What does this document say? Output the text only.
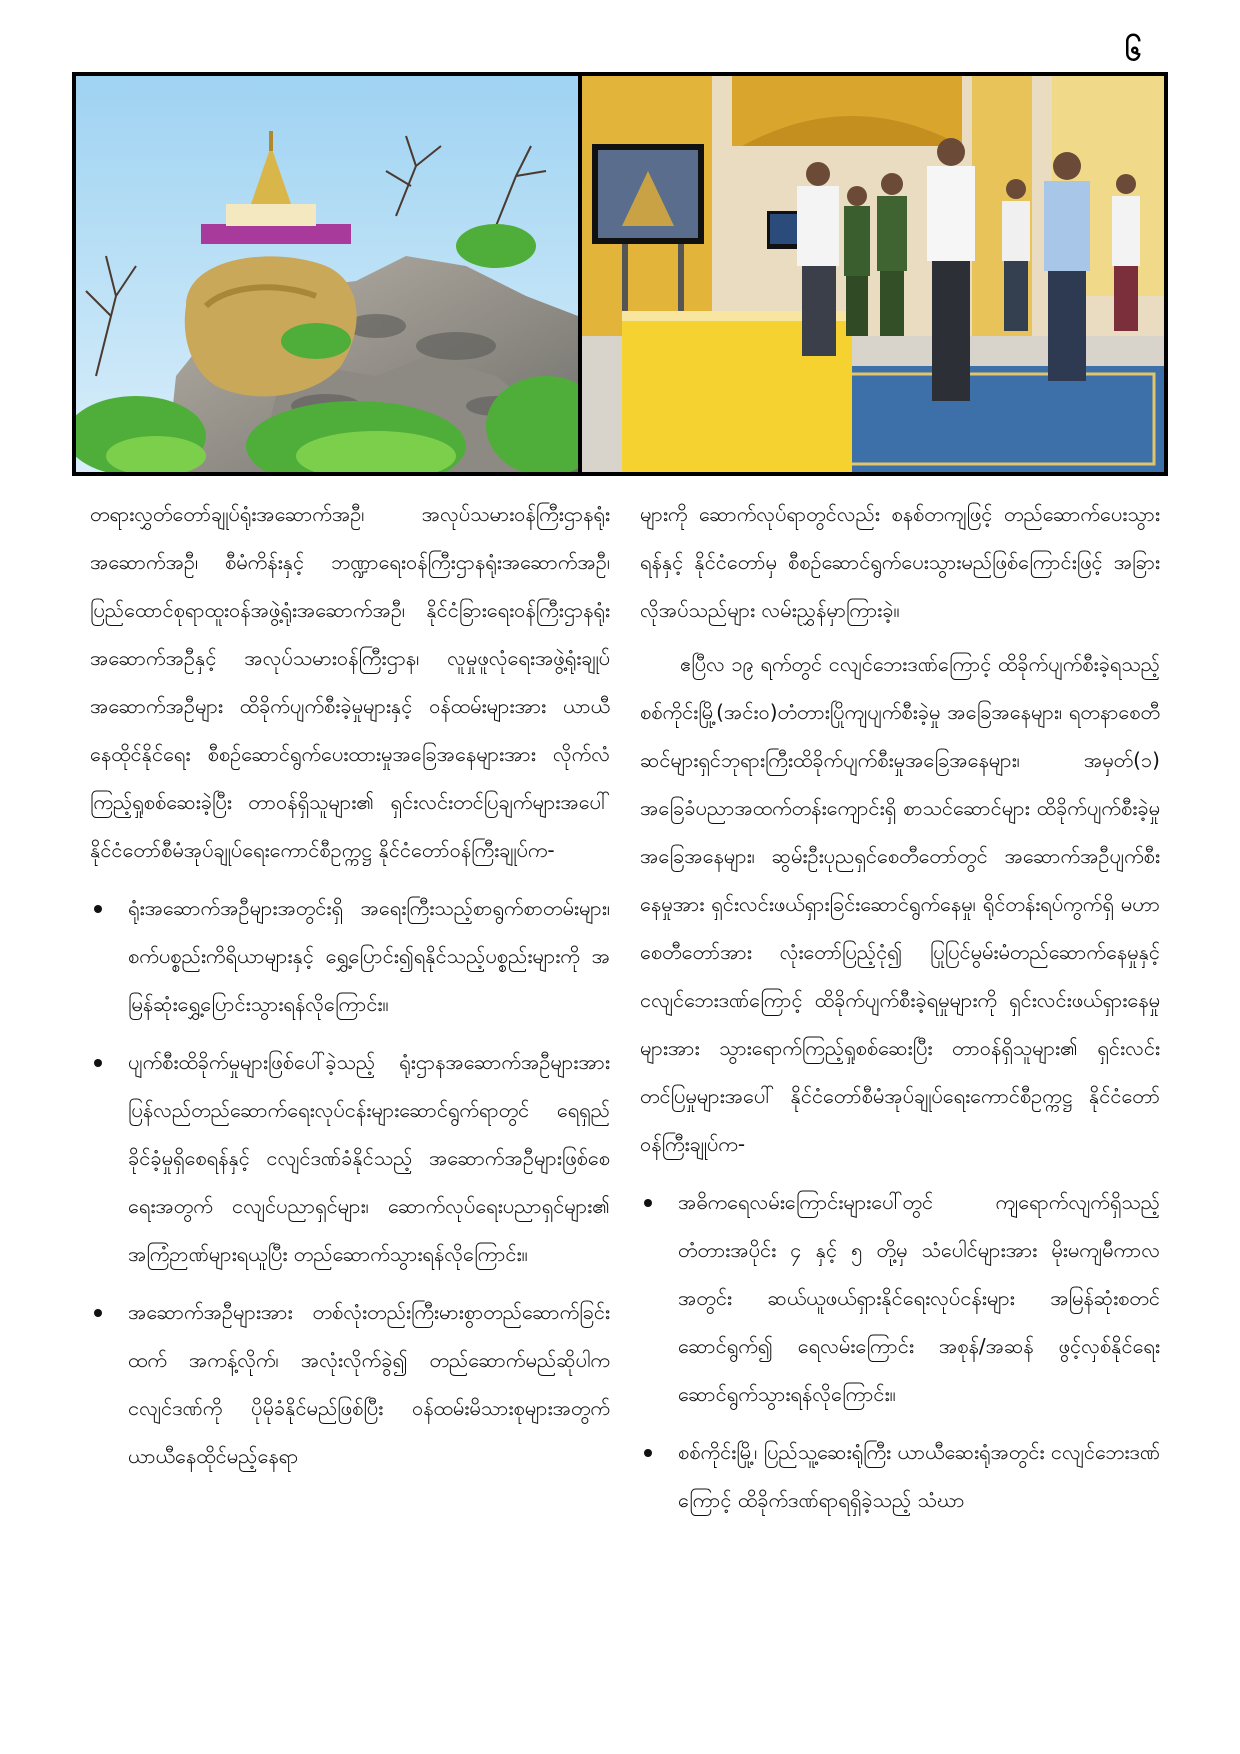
၆

တရားလွှတ်တော်ချုပ်ရုံးအဆောက်အဦ၊ အလုပ်သမားဝန်ကြီးဌာနရုံးအဆောက်အဦ၊ စီမံကိန်းနှင့် ဘဏ္ဍာရေးဝန်ကြီးဌာနရုံးအဆောက်အဦ၊ ပြည်ထောင်စုရာထူးဝန်အဖွဲ့ရုံးအဆောက်အဦ၊ နိုင်ငံခြားရေးဝန်ကြီးဌာနရုံး အဆောက်အဦနှင့် အလုပ်သမားဝန်ကြီးဌာန၊ လူမှုဖူလုံရေးအဖွဲ့ရုံးချုပ်အဆောက်အဦများ ထိခိုက်ပျက်စီးခဲ့မှုများနှင့် ဝန်ထမ်းများအား ယာယီနေထိုင်နိုင်ရေး စီစဉ်ဆောင်ရွက်ပေးထားမှုအခြေအနေများအား လိုက်လံကြည့်ရှုစစ်ဆေးခဲ့ပြီး တာဝန်ရှိသူများ၏ ရှင်းလင်းတင်ပြချက်များအပေါ် နိုင်ငံတော်စီမံအုပ်ချုပ်ရေးကောင်စီဥက္ကဋ္ဌ နိုင်ငံတော်ဝန်ကြီးချုပ်က-

ရုံးအဆောက်အဦများအတွင်းရှိ အရေးကြီးသည့်စာရွက်စာတမ်းများ၊ စက်ပစ္စည်းကိရိယာများနှင့် ရွှေ့ပြောင်း၍ရနိုင်သည့်ပစ္စည်းများကို အမြန်ဆုံးရွှေ့ပြောင်းသွားရန်လိုကြောင်း။
ပျက်စီးထိခိုက်မှုများဖြစ်ပေါ်ခဲ့သည့် ရုံးဌာနအဆောက်အဦများအား ပြန်လည်တည်ဆောက်ရေးလုပ်ငန်းများဆောင်ရွက်ရာတွင် ရေရှည်ခိုင်ခံ့မှုရှိစေရန်နှင့် ငလျင်ဒဏ်ခံနိုင်သည့် အဆောက်အဦများဖြစ်စေရေးအတွက် ငလျင်ပညာရှင်များ၊ ဆောက်လုပ်ရေးပညာရှင်များ၏ အကြံဉာဏ်များရယူပြီး တည်ဆောက်သွားရန်လိုကြောင်း။
အဆောက်အဦများအား တစ်လုံးတည်းကြီးမားစွာတည်ဆောက်ခြင်းထက် အကန့်လိုက်၊ အလုံးလိုက်ခွဲ၍ တည်ဆောက်မည်ဆိုပါက ငလျင်ဒဏ်ကို ပိုမိုခံနိုင်မည်ဖြစ်ပြီး ဝန်ထမ်းမိသားစုများအတွက် ယာယီနေထိုင်မည့်နေရာ

များကို ဆောက်လုပ်ရာတွင်လည်း စနစ်တကျဖြင့် တည်ဆောက်ပေးသွားရန်နှင့် နိုင်ငံတော်မှ စီစဉ်ဆောင်ရွက်ပေးသွားမည်ဖြစ်ကြောင်းဖြင့် အခြားလိုအပ်သည်များ လမ်းညွှန်မှာကြားခဲ့။

ဧပြီလ ၁၉ ရက်တွင် ငလျင်ဘေးဒဏ်ကြောင့် ထိခိုက်ပျက်စီးခဲ့ရသည့် စစ်ကိုင်းမြို့(အင်း၀)တံတားပြိုကျပျက်စီးခဲ့မှု အခြေအနေများ၊ ရတနာစေတီဆင်များရှင်ဘုရားကြီးထိခိုက်ပျက်စီးမှုအခြေအနေများ၊ အမှတ်(၁) အခြေခံပညာအထက်တန်းကျောင်းရှိ စာသင်ဆောင်များ ထိခိုက်ပျက်စီးခဲ့မှုအခြေအနေများ၊ ဆွမ်းဦးပုညရှင်စေတီတော်တွင် အဆောက်အဦပျက်စီးနေမှုအား ရှင်းလင်းဖယ်ရှားခြင်းဆောင်ရွက်နေမှု၊ ရိုင်တန်းရပ်ကွက်ရှိ မဟာစေတီတော်အား လုံးတော်ပြည့်ငုံ၍ ပြုပြင်မွမ်းမံတည်ဆောက်နေမှုနှင့် ငလျင်ဘေးဒဏ်ကြောင့် ထိခိုက်ပျက်စီးခဲ့ရမှုများကို ရှင်းလင်းဖယ်ရှားနေမှုများအား သွားရောက်ကြည့်ရှုစစ်ဆေးပြီး တာဝန်ရှိသူများ၏ ရှင်းလင်းတင်ပြမှုများအပေါ် နိုင်ငံတော်စီမံအုပ်ချုပ်ရေးကောင်စီဥက္ကဋ္ဌ နိုင်ငံတော်ဝန်ကြီးချုပ်က-

အဓိကရေလမ်းကြောင်းများပေါ်တွင် ကျရောက်လျက်ရှိသည့် တံတားအပိုင်း ၄ နှင့် ၅ တို့မှ သံပေါင်များအား မိုးမကျမီကာလအတွင်း ဆယ်ယူဖယ်ရှားနိုင်ရေးလုပ်ငန်းများ အမြန်ဆုံးစတင်ဆောင်ရွက်၍ ရေလမ်းကြောင်း အစုန်/အဆန် ဖွင့်လှစ်နိုင်ရေး ဆောင်ရွက်သွားရန်လိုကြောင်း။
စစ်ကိုင်းမြို့၊ ပြည်သူ့ဆေးရုံကြီး ယာယီဆေးရုံအတွင်း ငလျင်ဘေးဒဏ်ကြောင့် ထိခိုက်ဒဏ်ရာရရှိခဲ့သည့် သံဃာ
